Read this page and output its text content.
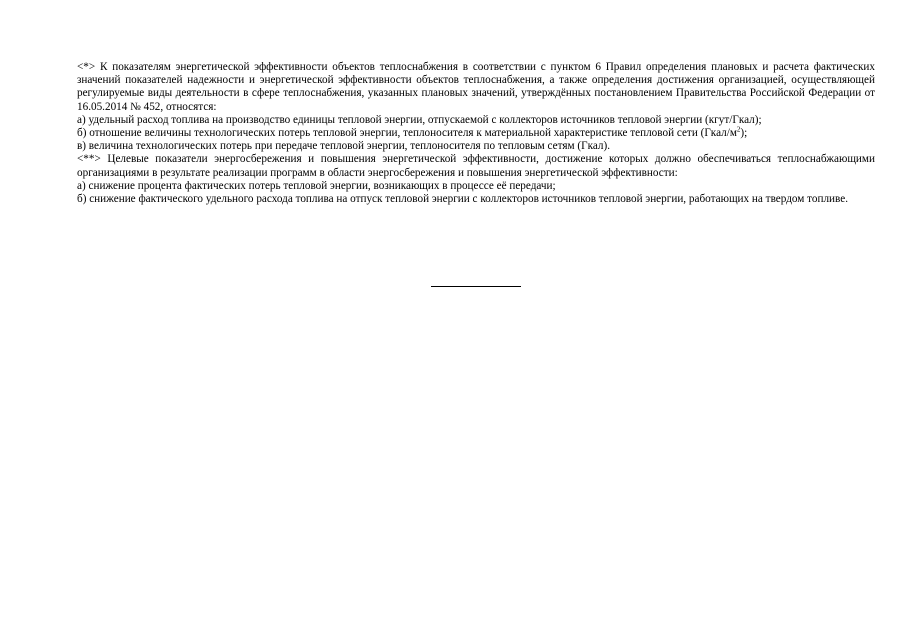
<*> К показателям энергетической эффективности объектов теплоснабжения в соответствии с пунктом 6 Правил определения плановых и расчета фактических значений показателей надежности и энергетической эффективности объектов теплоснабжения, а также определения достижения организацией, осуществляющей регулируемые виды деятельности в сфере теплоснабжения, указанных плановых значений, утверждённых постановлением Правительства Российской Федерации от 16.05.2014 № 452, относятся:

а) удельный расход топлива на производство единицы тепловой энергии, отпускаемой с коллекторов источников тепловой энергии (кгут/Гкал);

б) отношение величины технологических потерь тепловой энергии, теплоносителя к материальной характеристике тепловой сети $(Гкал/м^2)$;

в) величина технологических потерь при передаче тепловой энергии, теплоносителя по тепловым сетям (Гкал).

<**> Целевые показатели энергосбережения и повышения энергетической эффективности, достижение которых должно обеспечиваться теплоснабжающими организациями в результате реализации программ в области энергосбережения и повышения энергетической эффективности:

а) снижение процента фактических потерь тепловой энергии, возникающих в процессе её передачи;

б) снижение фактического удельного расхода топлива на отпуск тепловой энергии с коллекторов источников тепловой энергии, работающих на твердом топливе.
